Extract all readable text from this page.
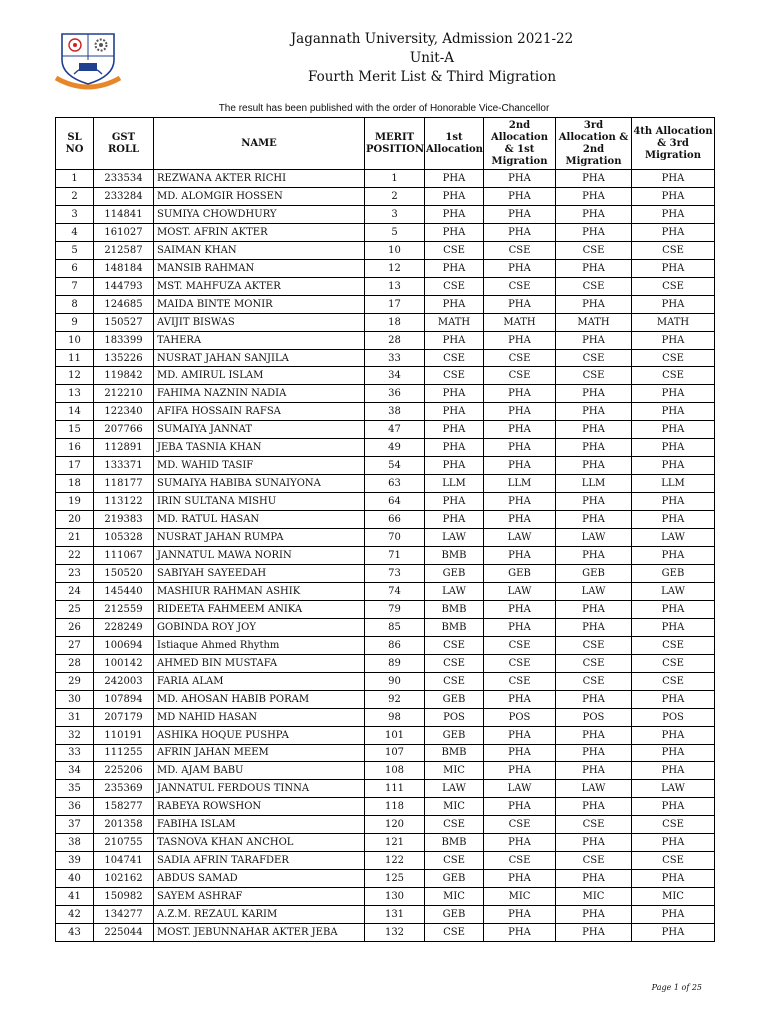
Jagannath University, Admission 2021-22
Unit-A
Fourth Merit List & Third Migration
The result has been published with the order of Honorable Vice-Chancellor
SL NO	GST ROLL	NAME	MERIT POSITION	1st Allocation	2nd Allocation & 1st Migration	3rd Allocation & 2nd Migration	4th Allocation & 3rd Migration
1	233534	REZWANA AKTER RICHI	1	PHA	PHA	PHA	PHA
2	233284	MD. ALOMGIR HOSSEN	2	PHA	PHA	PHA	PHA
3	114841	SUMIYA CHOWDHURY	3	PHA	PHA	PHA	PHA
4	161027	MOST. AFRIN AKTER	5	PHA	PHA	PHA	PHA
5	212587	SAIMAN KHAN	10	CSE	CSE	CSE	CSE
6	148184	MANSIB RAHMAN	12	PHA	PHA	PHA	PHA
7	144793	MST. MAHFUZA AKTER	13	CSE	CSE	CSE	CSE
8	124685	MAIDA BINTE MONIR	17	PHA	PHA	PHA	PHA
9	150527	AVIJIT BISWAS	18	MATH	MATH	MATH	MATH
10	183399	TAHERA	28	PHA	PHA	PHA	PHA
11	135226	NUSRAT JAHAN SANJILA	33	CSE	CSE	CSE	CSE
12	119842	MD. AMIRUL ISLAM	34	CSE	CSE	CSE	CSE
13	212210	FAHIMA NAZNIN NADIA	36	PHA	PHA	PHA	PHA
14	122340	AFIFA HOSSAIN RAFSA	38	PHA	PHA	PHA	PHA
15	207766	SUMAIYA JANNAT	47	PHA	PHA	PHA	PHA
16	112891	JEBA TASNIA KHAN	49	PHA	PHA	PHA	PHA
17	133371	MD. WAHID TASIF	54	PHA	PHA	PHA	PHA
18	118177	SUMAIYA HABIBA SUNAIYONA	63	LLM	LLM	LLM	LLM
19	113122	IRIN SULTANA MISHU	64	PHA	PHA	PHA	PHA
20	219383	MD. RATUL HASAN	66	PHA	PHA	PHA	PHA
21	105328	NUSRAT JAHAN RUMPA	70	LAW	LAW	LAW	LAW
22	111067	JANNATUL MAWA NORIN	71	BMB	PHA	PHA	PHA
23	150520	SABIYAH SAYEEDAH	73	GEB	GEB	GEB	GEB
24	145440	MASHIUR RAHMAN ASHIK	74	LAW	LAW	LAW	LAW
25	212559	RIDEETA FAHMEEM ANIKA	79	BMB	PHA	PHA	PHA
26	228249	GOBINDA ROY JOY	85	BMB	PHA	PHA	PHA
27	100694	Istiaque Ahmed Rhythm	86	CSE	CSE	CSE	CSE
28	100142	AHMED BIN MUSTAFA	89	CSE	CSE	CSE	CSE
29	242003	FARIA ALAM	90	CSE	CSE	CSE	CSE
30	107894	MD. AHOSAN HABIB PORAM	92	GEB	PHA	PHA	PHA
31	207179	MD NAHID HASAN	98	POS	POS	POS	POS
32	110191	ASHIKA HOQUE PUSHPA	101	GEB	PHA	PHA	PHA
33	111255	AFRIN JAHAN MEEM	107	BMB	PHA	PHA	PHA
34	225206	MD. AJAM BABU	108	MIC	PHA	PHA	PHA
35	235369	JANNATUL FERDOUS TINNA	111	LAW	LAW	LAW	LAW
36	158277	RABEYA ROWSHON	118	MIC	PHA	PHA	PHA
37	201358	FABIHA ISLAM	120	CSE	CSE	CSE	CSE
38	210755	TASNOVA KHAN ANCHOL	121	BMB	PHA	PHA	PHA
39	104741	SADIA AFRIN TARAFDER	122	CSE	CSE	CSE	CSE
40	102162	ABDUS SAMAD	125	GEB	PHA	PHA	PHA
41	150982	SAYEM ASHRAF	130	MIC	MIC	MIC	MIC
42	134277	A.Z.M. REZAUL KARIM	131	GEB	PHA	PHA	PHA
43	225044	MOST. JEBUNNAHAR AKTER JEBA	132	CSE	PHA	PHA	PHA
Page 1 of 25
